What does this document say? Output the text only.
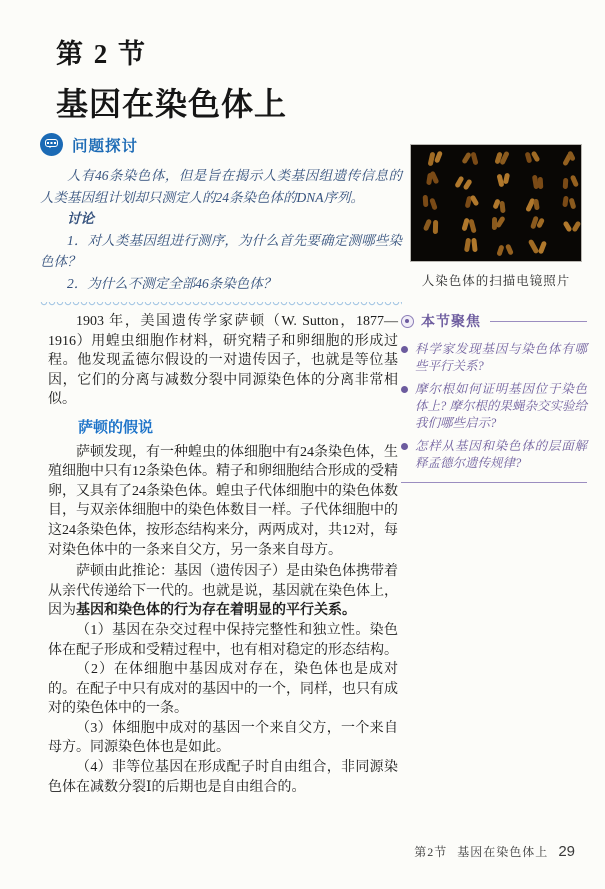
第 2 节
基因在染色体上
问题探讨

人有46条染色体，但是旨在揭示人类基因组遗传信息的人类基因组计划却只测定人的24条染色体的DNA序列。

讨论

1．对人类基因组进行测序，为什么首先要确定测哪些染色体？

2．为什么不测定全部46条染色体？	人染色体的扫描电镜照片

1903 年，美国遗传学家萨顿（W. Sutton，1877—1916）用蝗虫细胞作材料，研究精子和卵细胞的形成过程。他发现孟德尔假设的一对遗传因子，也就是等位基因，它们的分离与减数分裂中同源染色体的分离非常相似。

萨顿的假说

萨顿发现，有一种蝗虫的体细胞中有24条染色体，生殖细胞中只有12条染色体。精子和卵细胞结合形成的受精卵，又具有了24条染色体。蝗虫子代体细胞中的染色体数目，与双亲体细胞中的染色体数目一样。子代体细胞中的这24条染色体，按形态结构来分，两两成对，共12对，每对染色体中的一条来自父方，另一条来自母方。

萨顿由此推论：基因（遗传因子）是由染色体携带着从亲代传递给下一代的。也就是说，基因就在染色体上，因为基因和染色体的行为存在着明显的平行关系。

（1）基因在杂交过程中保持完整性和独立性。染色体在配子形成和受精过程中，也有相对稳定的形态结构。

（2）在体细胞中基因成对存在，染色体也是成对的。在配子中只有成对的基因中的一个，同样，也只有成对的染色体中的一条。

（3）体细胞中成对的基因一个来自父方，一个来自母方。同源染色体也是如此。

（4）非等位基因在形成配子时自由组合，非同源染色体在减数分裂Ⅰ的后期也是自由组合的。

本节聚焦
科学家发现基因与染色体有哪些平行关系?
摩尔根如何证明基因位于染色体上? 摩尔根的果蝇杂交实验给我们哪些启示?
怎样从基因和染色体的层面解释孟德尔遗传规律?
第2节 基因在染色体上 29
